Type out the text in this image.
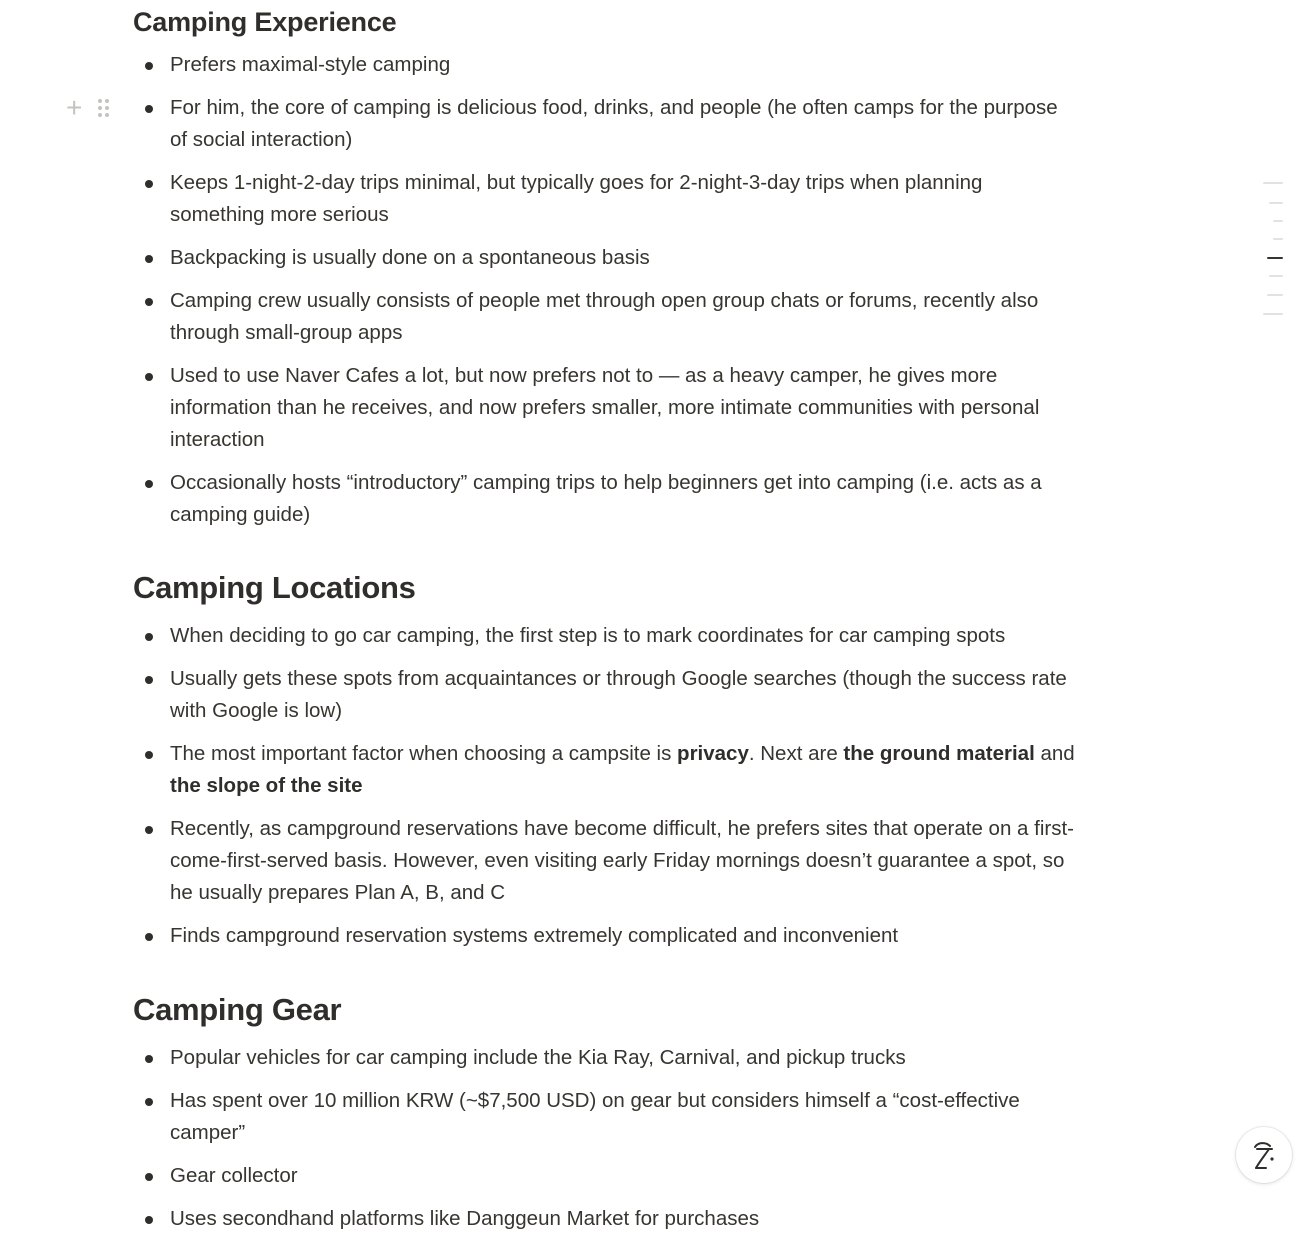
+
Camping Experience
Prefers maximal-style camping
For him, the core of camping is delicious food, drinks, and people (he often camps for the purpose of social interaction)
Keeps 1-night-2-day trips minimal, but typically goes for 2-night-3-day trips when planning something more serious
Backpacking is usually done on a spontaneous basis
Camping crew usually consists of people met through open group chats or forums, recently also through small-group apps
Used to use Naver Cafes a lot, but now prefers not to — as a heavy camper, he gives more information than he receives, and now prefers smaller, more intimate communities with personal interaction
Occasionally hosts “introductory” camping trips to help beginners get into camping (i.e. acts as a camping guide)
Camping Locations
When deciding to go car camping, the first step is to mark coordinates for car camping spots
Usually gets these spots from acquaintances or through Google searches (though the success rate with Google is low)
The most important factor when choosing a campsite is privacy. Next are the ground material and the slope of the site
Recently, as campground reservations have become difficult, he prefers sites that operate on a first-come-first-served basis. However, even visiting early Friday mornings doesn’t guarantee a spot, so he usually prepares Plan A, B, and C
Finds campground reservation systems extremely complicated and inconvenient
Camping Gear
Popular vehicles for car camping include the Kia Ray, Carnival, and pickup trucks
Has spent over 10 million KRW (~$7,500 USD) on gear but considers himself a “cost-effective camper”
Gear collector
Uses secondhand platforms like Danggeun Market for purchases
